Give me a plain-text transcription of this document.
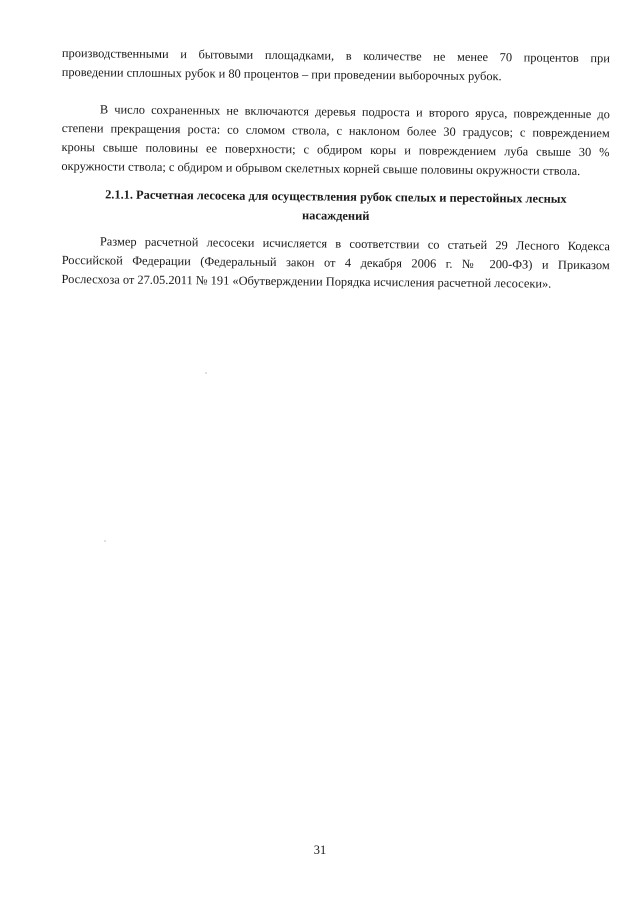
производственными и бытовыми площадками, в количестве не менее 70 процентов при
проведении сплошных рубок и 80 процентов – при проведении выборочных рубок.
В число сохраненных не включаются деревья подроста и второго яруса, поврежденные до
степени прекращения роста: со сломом ствола, с наклоном более 30 градусов; с повреждением
кроны свыше половины ее поверхности; с обдиром коры и повреждением луба свыше 30 %
окружности ствола; с обдиром и обрывом скелетных корней свыше половины окружности ствола.
2.1.1. Расчетная лесосека для осуществления рубок спелых и перестойных лесных
насаждений
Размер расчетной лесосеки исчисляется в соответствии со статьей 29 Лесного Кодекса
Российской Федерации (Федеральный закон от 4 декабря 2006 г. № 200-ФЗ) и Приказом
Рослесхоза от 27.05.2011 № 191 «Обутверждении Порядка исчисления расчетной лесосеки».
31
